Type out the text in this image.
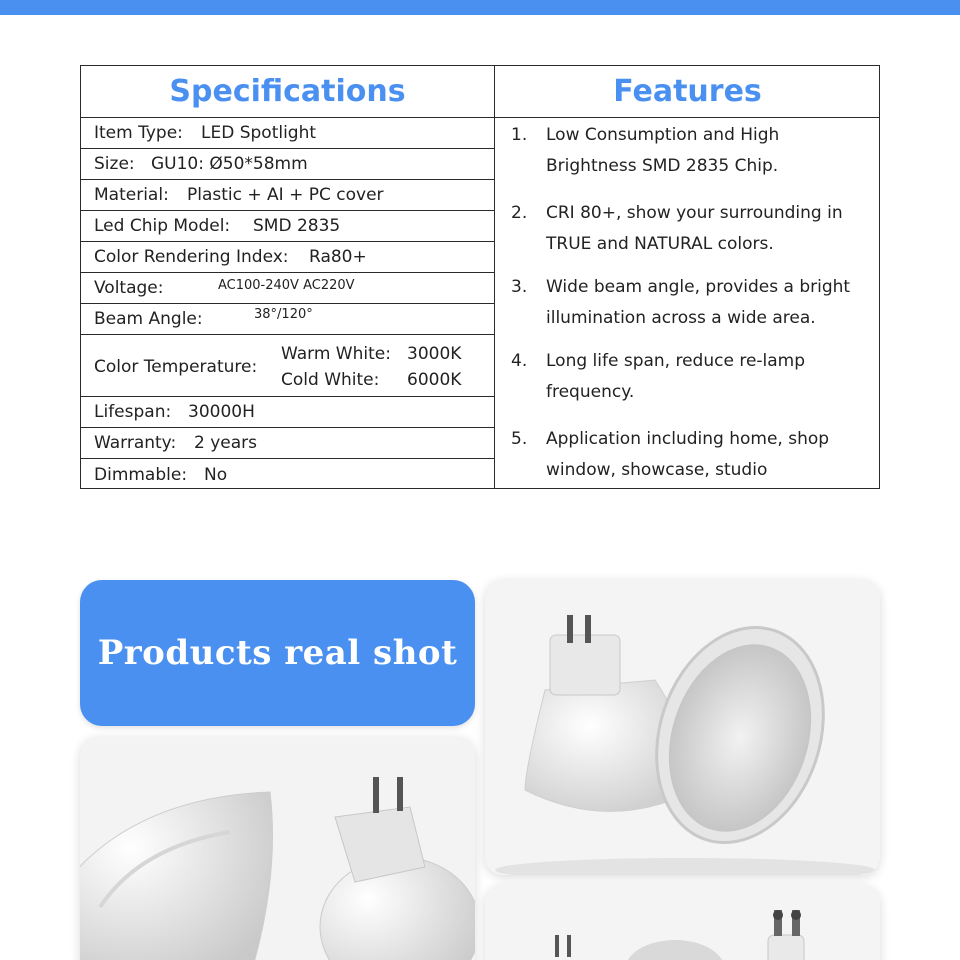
Specifications	Features
Item Type: LED Spotlight
Size: GU10: Ø50*58mm
Material: Plastic + AI + PC cover
Led Chip Model: SMD 2835
Color Rendering Index: Ra80+
Voltage:	AC100-240V AC220V
Beam Angle:	38°/120°
Color Temperature:
Warm White: 3000K
Cold White: 6000K
Lifespan: 30000H
Warranty: 2 years
Dimmable: No
1. Low Consumption and High Brightness SMD 2835 Chip.
2. CRI 80+, show your surrounding in TRUE and NATURAL colors.
3. Wide beam angle, provides a bright illumination across a wide area.
4. Long life span, reduce re-lamp frequency.
5. Application including home, shop window, showcase, studio
Products real shot
